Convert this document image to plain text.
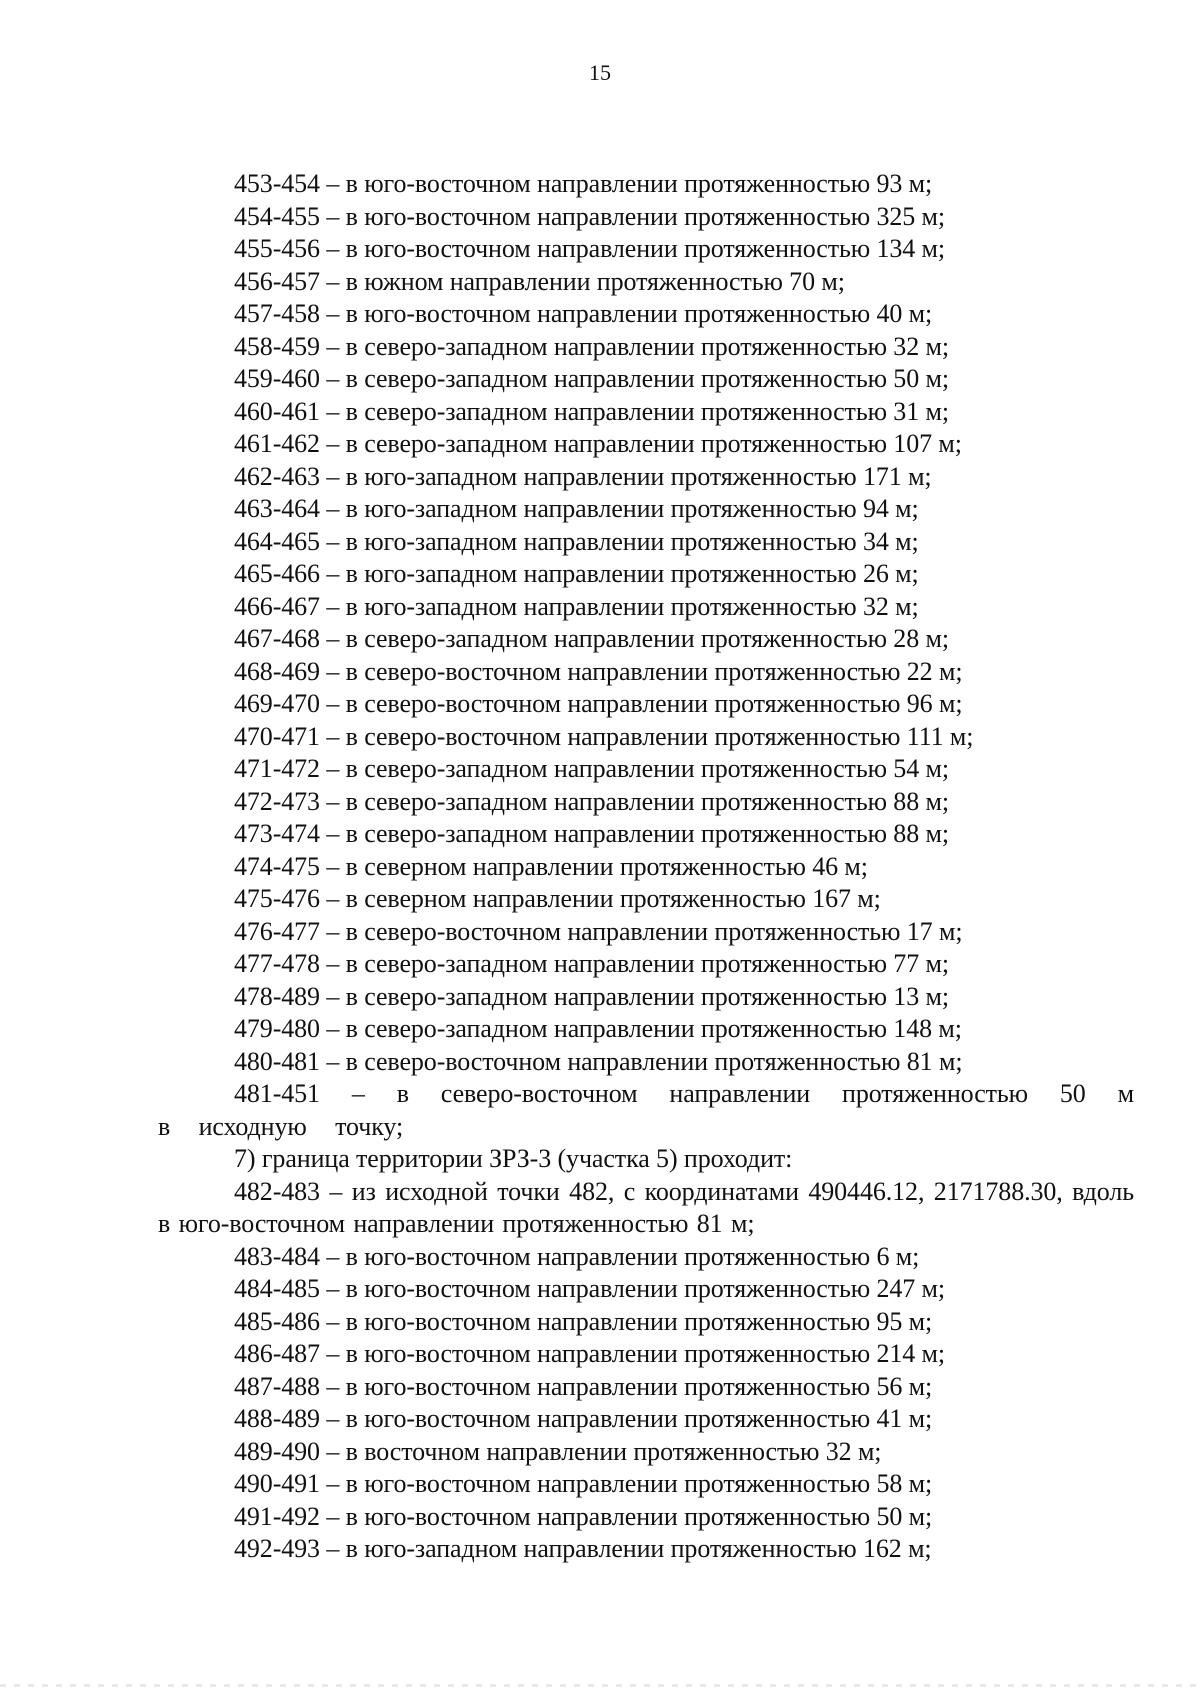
15
453-454 – в юго-восточном направлении протяженностью 93 м;
454-455 – в юго-восточном направлении протяженностью 325 м;
455-456 – в юго-восточном направлении протяженностью 134 м;
456-457 – в южном направлении протяженностью 70 м;
457-458 – в юго-восточном направлении протяженностью 40 м;
458-459 – в северо-западном направлении протяженностью 32 м;
459-460 – в северо-западном направлении протяженностью 50 м;
460-461 – в северо-западном направлении протяженностью 31 м;
461-462 – в северо-западном направлении протяженностью 107 м;
462-463 – в юго-западном направлении протяженностью 171 м;
463-464 – в юго-западном направлении протяженностью 94 м;
464-465 – в юго-западном направлении протяженностью 34 м;
465-466 – в юго-западном направлении протяженностью 26 м;
466-467 – в юго-западном направлении протяженностью 32 м;
467-468 – в северо-западном направлении протяженностью 28 м;
468-469 – в северо-восточном направлении протяженностью 22 м;
469-470 – в северо-восточном направлении протяженностью 96 м;
470-471 – в северо-восточном направлении протяженностью 111 м;
471-472 – в северо-западном направлении протяженностью 54 м;
472-473 – в северо-западном направлении протяженностью 88 м;
473-474 – в северо-западном направлении протяженностью 88 м;
474-475 – в северном направлении протяженностью 46 м;
475-476 – в северном направлении протяженностью 167 м;
476-477 – в северо-восточном направлении протяженностью 17 м;
477-478 – в северо-западном направлении протяженностью 77 м;
478-489 – в северо-западном направлении протяженностью 13 м;
479-480 – в северо-западном направлении протяженностью 148 м;
480-481 – в северо-восточном направлении протяженностью 81 м;
481-451 – в северо-восточном направлении протяженностью 50 м в исходную точку;
7) граница территории ЗРЗ-3 (участка 5) проходит:
482-483 – из исходной точки 482, с координатами 490446.12, 2171788.30, вдоль в юго-восточном направлении протяженностью 81 м;
483-484 – в юго-восточном направлении протяженностью 6 м;
484-485 – в юго-восточном направлении протяженностью 247 м;
485-486 – в юго-восточном направлении протяженностью 95 м;
486-487 – в юго-восточном направлении протяженностью 214 м;
487-488 – в юго-восточном направлении протяженностью 56 м;
488-489 – в юго-восточном направлении протяженностью 41 м;
489-490 – в восточном направлении протяженностью 32 м;
490-491 – в юго-восточном направлении протяженностью 58 м;
491-492 – в юго-восточном направлении протяженностью 50 м;
492-493 – в юго-западном направлении протяженностью 162 м;
